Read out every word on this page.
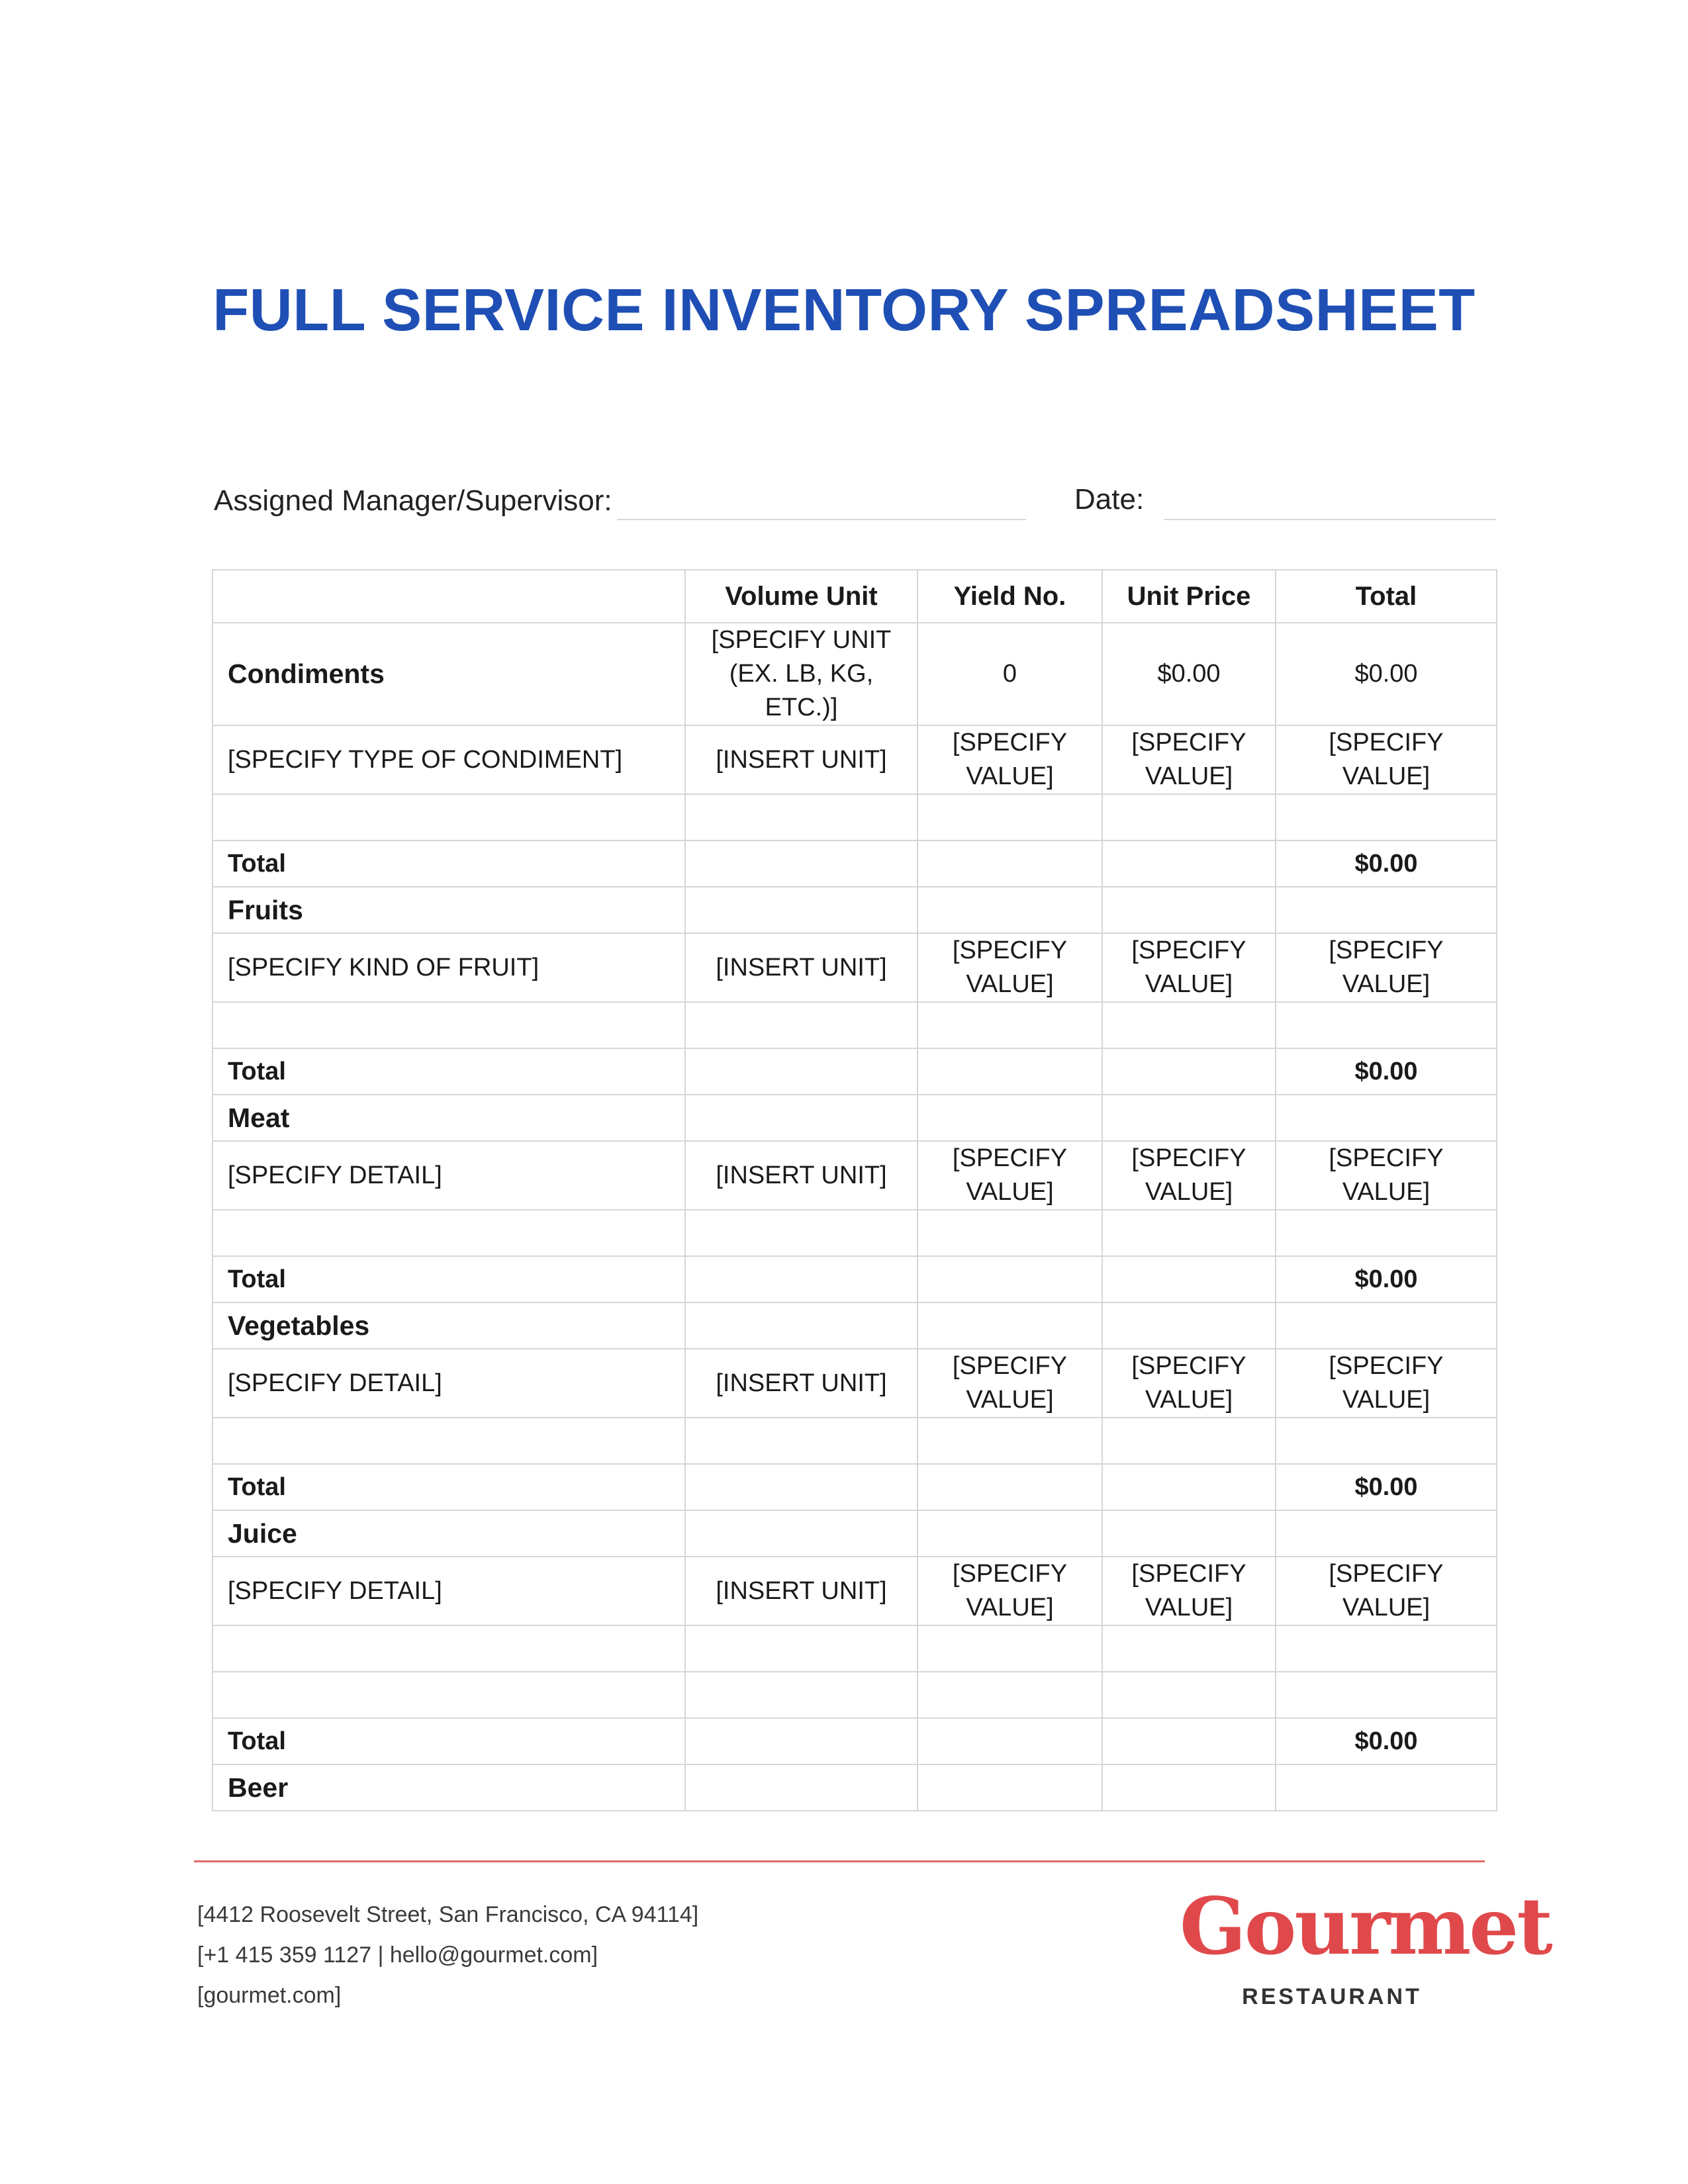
FULL SERVICE INVENTORY SPREADSHEET
Assigned Manager/Supervisor:	Date:
	Volume Unit	Yield No.	Unit Price	Total
Condiments	[SPECIFY UNIT (EX. LB, KG, ETC.)]	0	$0.00	$0.00
[SPECIFY TYPE OF CONDIMENT]	[INSERT UNIT]	[SPECIFY VALUE]	[SPECIFY VALUE]	[SPECIFY VALUE]

Total				$0.00
Fruits				
[SPECIFY KIND OF FRUIT]	[INSERT UNIT]	[SPECIFY VALUE]	[SPECIFY VALUE]	[SPECIFY VALUE]

Total				$0.00
Meat				
[SPECIFY DETAIL]	[INSERT UNIT]	[SPECIFY VALUE]	[SPECIFY VALUE]	[SPECIFY VALUE]

Total				$0.00
Vegetables				
[SPECIFY DETAIL]	[INSERT UNIT]	[SPECIFY VALUE]	[SPECIFY VALUE]	[SPECIFY VALUE]

Total				$0.00
Juice				
[SPECIFY DETAIL]	[INSERT UNIT]	[SPECIFY VALUE]	[SPECIFY VALUE]	[SPECIFY VALUE]

Total				$0.00
Beer				
[4412 Roosevelt Street, San Francisco, CA 94114]
[+1 415 359 1127 | hello@gourmet.com]
[gourmet.com]
Gourmet
RESTAURANT
